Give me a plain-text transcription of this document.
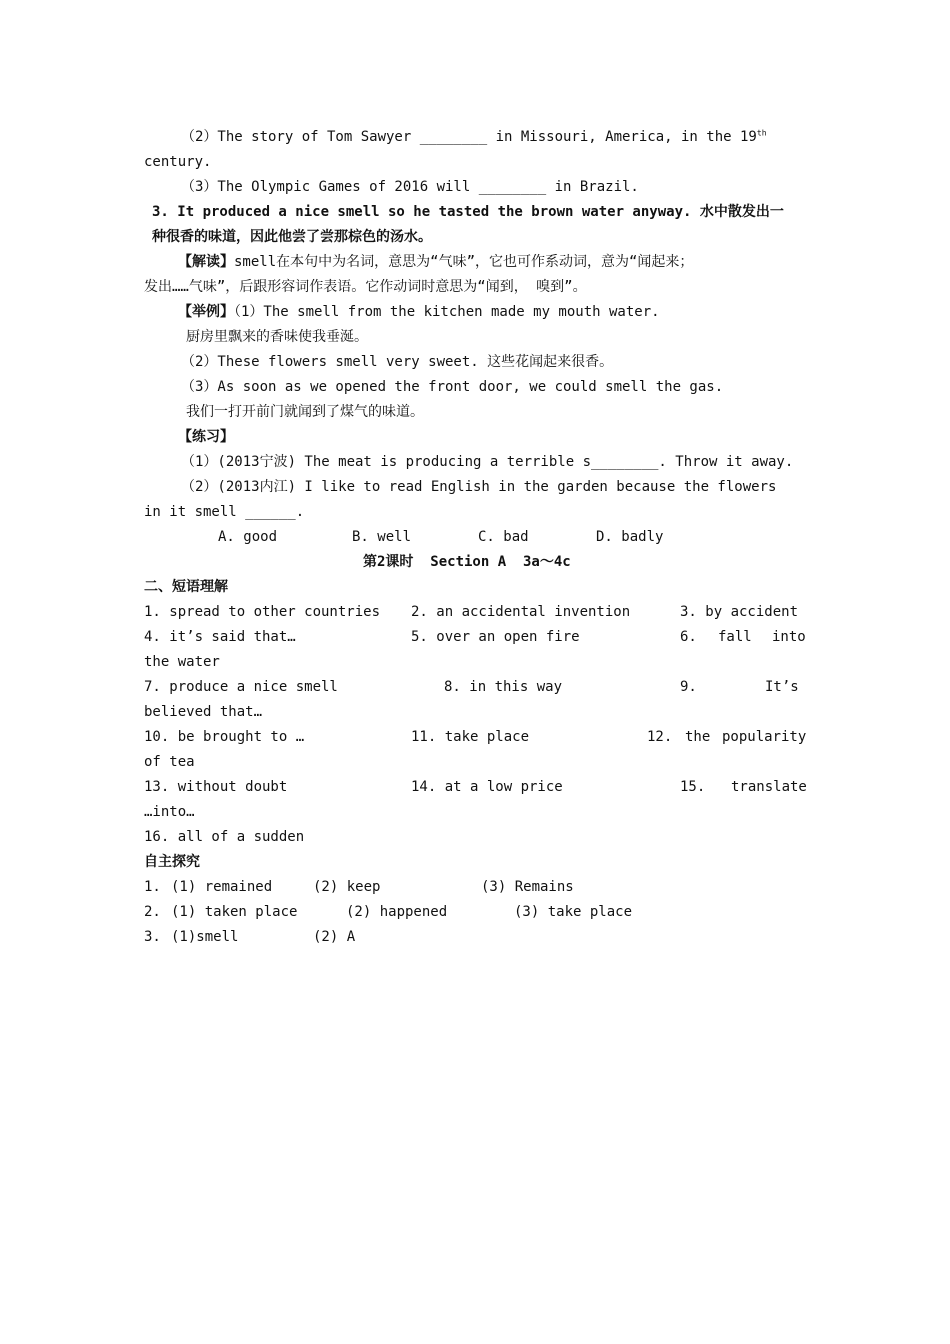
（2）The story of Tom Sawyer ________ in Missouri, America, in the 19th
century.
（3）The Olympic Games of 2016 will ________ in Brazil.
3. It produced a nice smell so he tasted the brown water anyway. 水中散发出一
种很香的味道，因此他尝了尝那棕色的汤水。
【解读】smell在本句中为名词，意思为“气味”，它也可作系动词，意为“闻起来；
发出……气味”，后跟形容词作表语。它作动词时意思为“闻到， 嗅到”。
【举例】（1）The smell from the kitchen made my mouth water.
厨房里飘来的香味使我垂涎。
（2）These flowers smell very sweet. 这些花闻起来很香。
（3）As soon as we opened the front door, we could smell the gas.
我们一打开前门就闻到了煤气的味道。
【练习】
（1）(2013宁波) The meat is producing a terrible s________. Throw it away.
（2）(2013内江) I like to read English in the garden because the flowers
in it smell ______.
A. good	B. well	C. bad	D. badly
第2课时  Section A  3a～4c
二、短语理解
1. spread to other countries 2. an accidental invention	3. by accident
4. it’s said that…	5. over an open fire	6. fall into
the water
7. produce a nice smell	8. in this way	9.	It’s
believed that…
10. be brought to …	11. take place	12. the popularity
of tea
13. without doubt	14. at a low price	15. translate
…into…
16. all of a sudden
自主探究
1. (1) remained	(2) keep	(3) Remains
2. (1) taken place	(2) happened	(3) take place
3. (1)smell	(2) A
